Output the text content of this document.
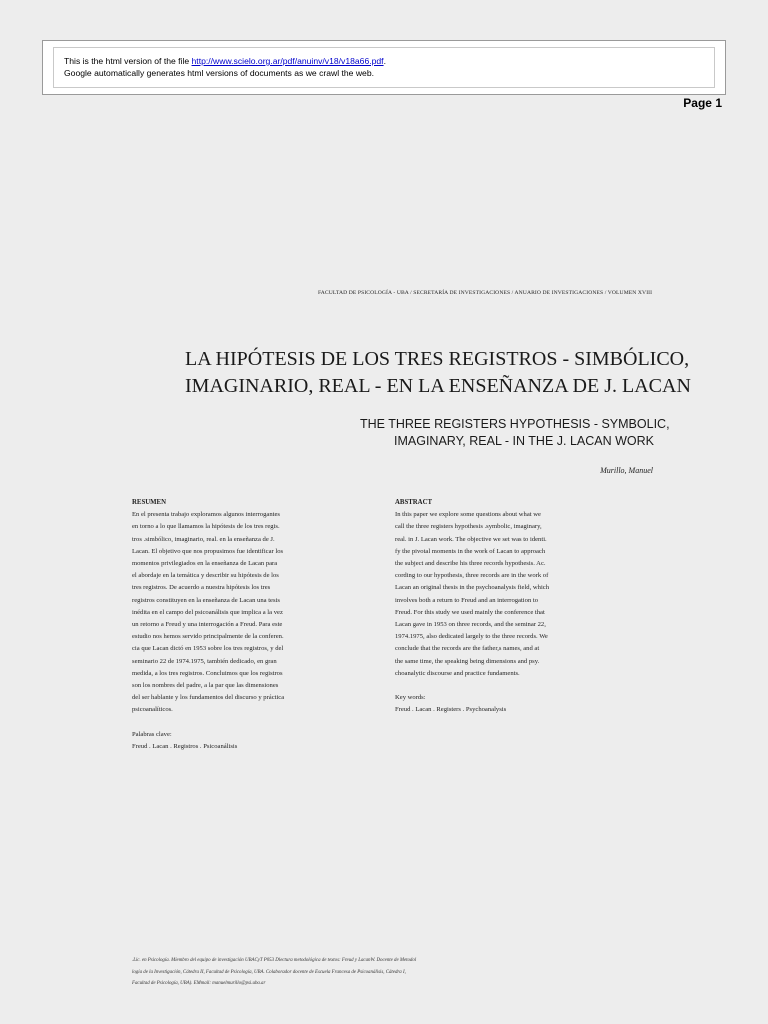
This is the html version of the file http://www.scielo.org.ar/pdf/anuinv/v18/v18a66.pdf.
Google automatically generates html versions of documents as we crawl the web.
Page 1
FACULTAD DE PSICOLOGÍA - UBA / SECRETARÍA DE INVESTIGACIONES / ANUARIO DE INVESTIGACIONES / VOLUMEN XVIII
LA HIPÓTESIS DE LOS TRES REGISTROS - SIMBÓLICO,
IMAGINARIO, REAL - EN LA ENSEÑANZA DE J. LACAN
THE THREE REGISTERS HYPOTHESIS - SYMBOLIC,
IMAGINARY, REAL - IN THE J. LACAN WORK
Murillo, Manuel
RESUMEN
En el presenta trabajo exploramos algunos interrogantes
en torno a lo que llamamos la hipótesis de los tres regis.
tros .simbólico, imaginario, real. en la enseñanza de J.
Lacan. El objetivo que nos propusimos fue identificar los
momentos privilegiados en la enseñanza de Lacan para
el abordaje en la temática y describir su hipótesis de los
tres registros. De acuerdo a nuestra hipótesis los tres
registros constituyen en la enseñanza de Lacan una tesis
inédita en el campo del psicoanálisis que implica a la vez
un retorno a Freud y una interrogación a Freud. Para este
estudio nos hemos servido principalmente de la conferen.
cia que Lacan dictó en 1953 sobre los tres registros, y del
seminario 22 de 1974.1975, también dedicado, en gran
medida, a los tres registros. Concluimos que los registros
son los nombres del padre, a la par que las dimensiones
del ser hablante y los fundamentos del discurso y práctica
psicoanalíticos.
Palabras clave:
Freud . Lacan . Registros . Psicoanálisis
ABSTRACT
In this paper we explore some questions about what we
call the three registers hypothesis .symbolic, imaginary,
real. in J. Lacan work. The objective we set was to identi.
fy the pivotal moments in the work of Lacan to approach
the subject and describe his three records hypothesis. Ac.
cording to our hypothesis, three records are in the work of
Lacan an original thesis in the psychoanalysis field, which
involves both a return to Freud and an interrogation to
Freud. For this study we used mainly the conference that
Lacan gave in 1953 on three records, and the seminar 22,
1974.1975, also dedicated largely to the three records. We
conclude that the records are the father,s names, and at
the same time, the speaking being dimensions and psy.
choanalytic discourse and practice fundaments.
Key words:
Freud . Lacan . Registers . Psychoanalysis
.Lic. en Psicología. Miembro del equipo de investigación UBACyT P053 Dlectura metodológica de textos: Freud y LacanW. Docente de Metodol
logía de la Investigación, Cátedra II, Facultad de Psicología, UBA. Colaborador docente de Escuela Francesa de Psicoanálisis, Cátedra I,
Facultad de Psicología, UBA). EMmail: manuelmurillo@psi.uba.ar
